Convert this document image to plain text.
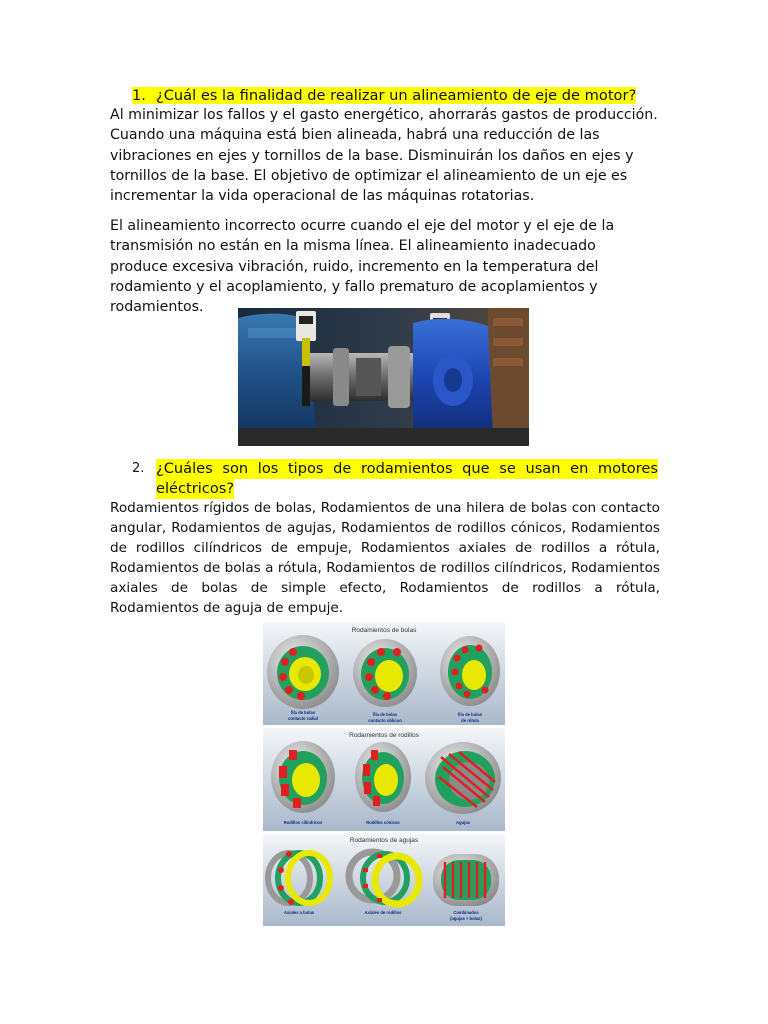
1. ¿Cuál es la finalidad de realizar un alineamiento de eje de motor?

Al minimizar los fallos y el gasto energético, ahorrarás gastos de producción. Cuando una máquina está bien alineada, habrá una reducción de las vibraciones en ejes y tornillos de la base. Disminuirán los daños en ejes y tornillos de la base. El objetivo de optimizar el alineamiento de un eje es incrementar la vida operacional de las máquinas rotatorias.

El alineamiento incorrecto ocurre cuando el eje del motor y el eje de la transmisión no están en la misma línea. El alineamiento inadecuado produce excesiva vibración, ruido, incremento en la temperatura del rodamiento y el acoplamiento, y fallo prematuro de acoplamientos y rodamientos.

2. ¿Cuáles son los tipos de rodamientos que se usan en motores
eléctricos?

Rodamientos rígidos de bolas, Rodamientos de una hilera de bolas con contacto angular, Rodamientos de agujas, Rodamientos de rodillos cónicos, Rodamientos de rodillos cilíndricos de empuje, Rodamientos axiales de rodillos a rótula, Rodamientos de bolas a rótula, Rodamientos de rodillos cilíndricos, Rodamientos axiales de bolas de simple efecto, Rodamientos de rodillos a rótula, Rodamientos de aguja de empuje.

Rodamientos de bolas
fila de bolas
contacto radial
fila de bolas
contacto oblicuo
fila de bolas
de rótula
Rodamientos de rodillos
Rodillos cilíndricos	Rodillos cónicos	Agujas
Rodamientos de agujas
Axiales a bolas	Axiales de rodillos	Combinados
(agujas + bolas)
